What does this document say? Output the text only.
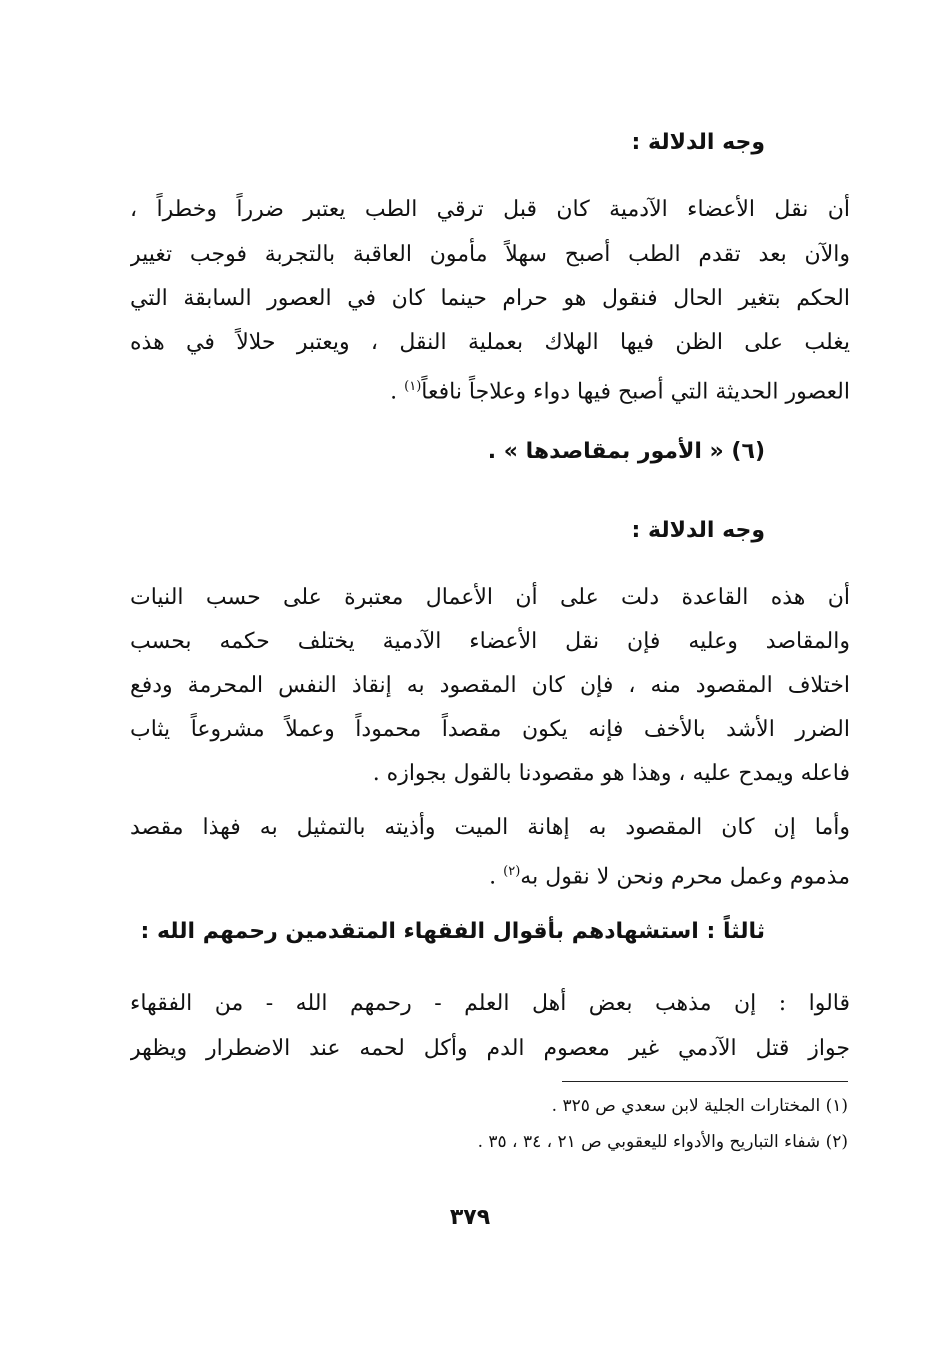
وجه الدلالة :
أن نقل الأعضاء الآدمية كان قبل ترقي الطب يعتبر ضرراً وخطراً ،
والآن بعد تقدم الطب أصبح سهلاً مأمون العاقبة بالتجربة فوجب تغيير
الحكم بتغير الحال فنقول هو حرام حينما كان في العصور السابقة التي
يغلب على الظن فيها الهلاك بعملية النقل ، ويعتبر حلالاً في هذه
العصور الحديثة التي أصبح فيها دواء وعلاجاً نافعاً$^{(١)}$ .
(٦) « الأمور بمقاصدها » .
وجه الدلالة :
أن هذه القاعدة دلت على أن الأعمال معتبرة على حسب النيات
والمقاصد وعليه فإن نقل الأعضاء الآدمية يختلف حكمه بحسب
اختلاف المقصود منه ، فإن كان المقصود به إنقاذ النفس المحرمة ودفع
الضرر الأشد بالأخف فإنه يكون مقصداً محموداً وعملاً مشروعاً يثاب
فاعله ويمدح عليه ، وهذا هو مقصودنا بالقول بجوازه .
وأما إن كان المقصود به إهانة الميت وأذيته بالتمثيل به فهذا مقصد
مذموم وعمل محرم ونحن لا نقول به$^{(٢)}$ .
ثالثاً : استشهادهم بأقوال الفقهاء المتقدمين رحمهم الله :
قالوا : إن مذهب بعض أهل العلم - رحمهم الله - من الفقهاء
جواز قتل الآدمي غير معصوم الدم وأكل لحمه عند الاضطرار ويظهر
(١) المختارات الجلية لابن سعدي ص ٣٢٥ .
(٢) شفاء التباريح والأدواء لليعقوبي ص ٢١ ، ٣٤ ، ٣٥ .
٣٧٩
